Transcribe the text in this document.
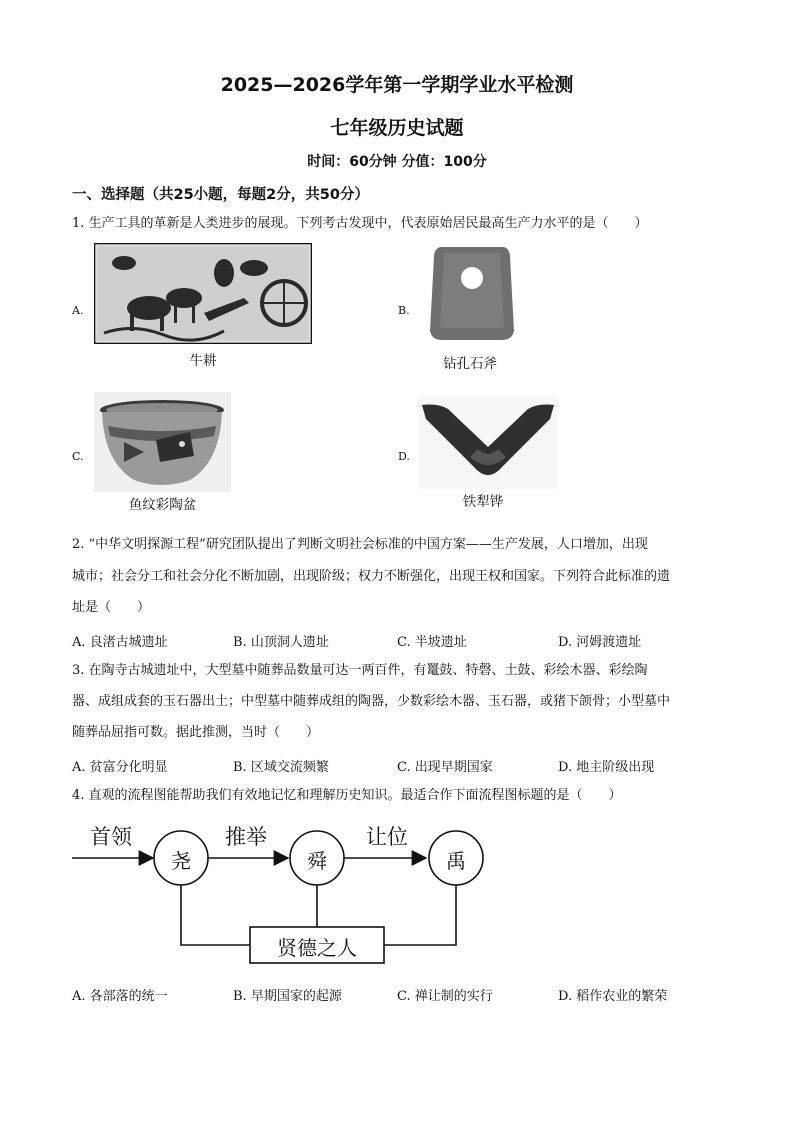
2025—2026学年第一学期学业水平检测
七年级历史试题
时间：60分钟 分值：100分
一、选择题（共25小题，每题2分，共50分）
1. 生产工具的革新是人类进步的展现。下列考古发现中，代表原始居民最高生产力水平的是（　　）
A.
牛耕
B.
钻孔石斧
C.
鱼纹彩陶盆
D.
铁犁铧
2. “中华文明探源工程”研究团队提出了判断文明社会标准的中国方案——生产发展，人口增加，出现
城市；社会分工和社会分化不断加剧，出现阶级；权力不断强化，出现王权和国家。下列符合此标准的遗
址是（　　）
A. 良渚古城遗址	B. 山顶洞人遗址	C. 半坡遗址	D. 河姆渡遗址
3. 在陶寺古城遗址中，大型墓中随葬品数量可达一两百件，有鼍鼓、特磬、土鼓、彩绘木器、彩绘陶
器、成组成套的玉石器出土；中型墓中随葬成组的陶器，少数彩绘木器、玉石器，或猪下颌骨；小型墓中
随葬品屈指可数。据此推测，当时（　　）
A. 贫富分化明显	B. 区域交流频繁	C. 出现早期国家	D. 地主阶级出现
4. 直观的流程图能帮助我们有效地记忆和理解历史知识。最适合作下面流程图标题的是（　　）
首领	推举	让位
尧	舜	禹
贤德之人
A. 各部落的统一	B. 早期国家的起源	C. 禅让制的实行	D. 稻作农业的繁荣
